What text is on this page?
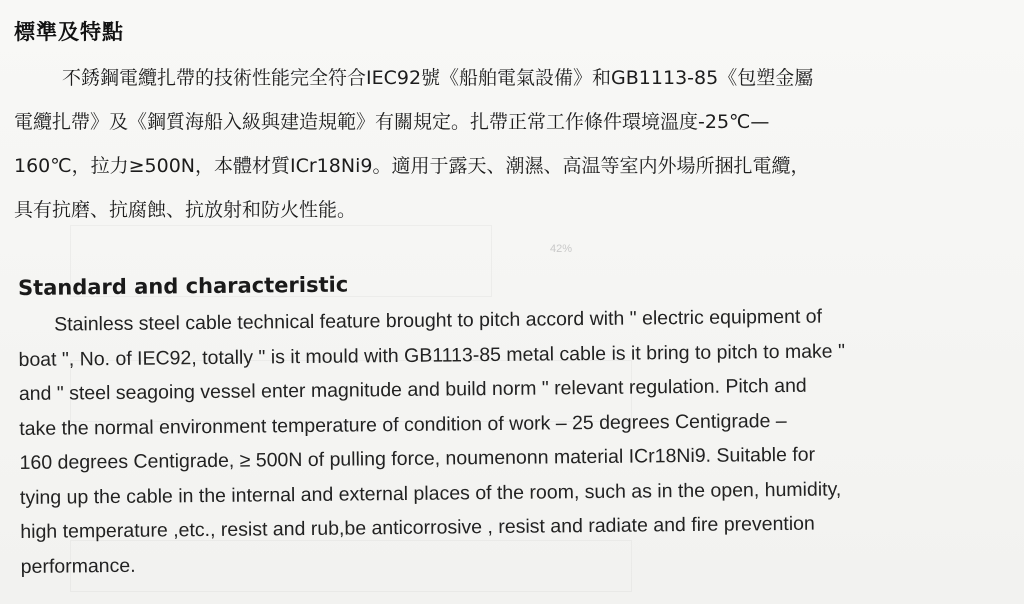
標準及特點
不銹鋼電纜扎帶的技術性能完全符合IEC92號《船舶電氣設備》和GB1113-85《包塑金屬
電纜扎帶》及《鋼質海船入級與建造規範》有關規定。扎帶正常工作條件環境溫度-25℃—
160℃，拉力≥500N，本體材質ICr18Ni9。適用于露天、潮濕、高温等室内外場所捆扎電纜，
具有抗磨、抗腐蝕、抗放射和防火性能。
42%
Standard and characteristic
Stainless steel cable technical feature brought to pitch accord with " electric equipment of
boat ", No. of IEC92, totally " is it mould with GB1113-85 metal cable is it bring to pitch to make "
and " steel seagoing vessel enter magnitude and build norm " relevant regulation. Pitch and
take the normal environment temperature of condition of work – 25 degrees Centigrade –
160 degrees Centigrade, ≥ 500N of pulling force, noumenonn material ICr18Ni9. Suitable for
tying up the cable in the internal and external places of the room, such as in the open, humidity,
high temperature ,etc., resist and rub,be anticorrosive , resist and radiate and fire prevention
performance.
